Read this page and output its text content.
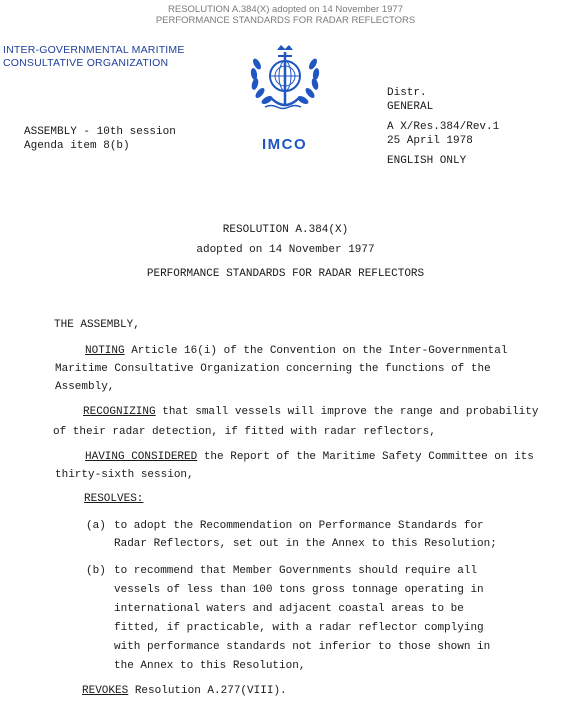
RESOLUTION A.384(X) adopted on 14 November 1977
PERFORMANCE STANDARDS FOR RADAR REFLECTORS
INTER-GOVERNMENTAL MARITIME
CONSULTATIVE ORGANIZATION
IMCO
ASSEMBLY - 10th session
Agenda item 8(b)
Distr.
GENERAL
A X/Res.384/Rev.1
25 April 1978
ENGLISH ONLY
RESOLUTION A.384(X)
adopted on 14 November 1977
PERFORMANCE STANDARDS FOR RADAR REFLECTORS
THE ASSEMBLY,
NOTING Article 16(i) of the Convention on the Inter-Governmental
Maritime Consultative Organization concerning the functions of the
Assembly,
RECOGNIZING that small vessels will improve the range and probability
of their radar detection, if fitted with radar reflectors,
HAVING CONSIDERED the Report of the Maritime Safety Committee on its
thirty-sixth session,
RESOLVES:
(a) to adopt the Recommendation on Performance Standards for
Radar Reflectors, set out in the Annex to this Resolution;
(b) to recommend that Member Governments should require all
vessels of less than 100 tons gross tonnage operating in
international waters and adjacent coastal areas to be
fitted, if practicable, with a radar reflector complying
with performance standards not inferior to those shown in
the Annex to this Resolution,
REVOKES Resolution A.277(VIII).
